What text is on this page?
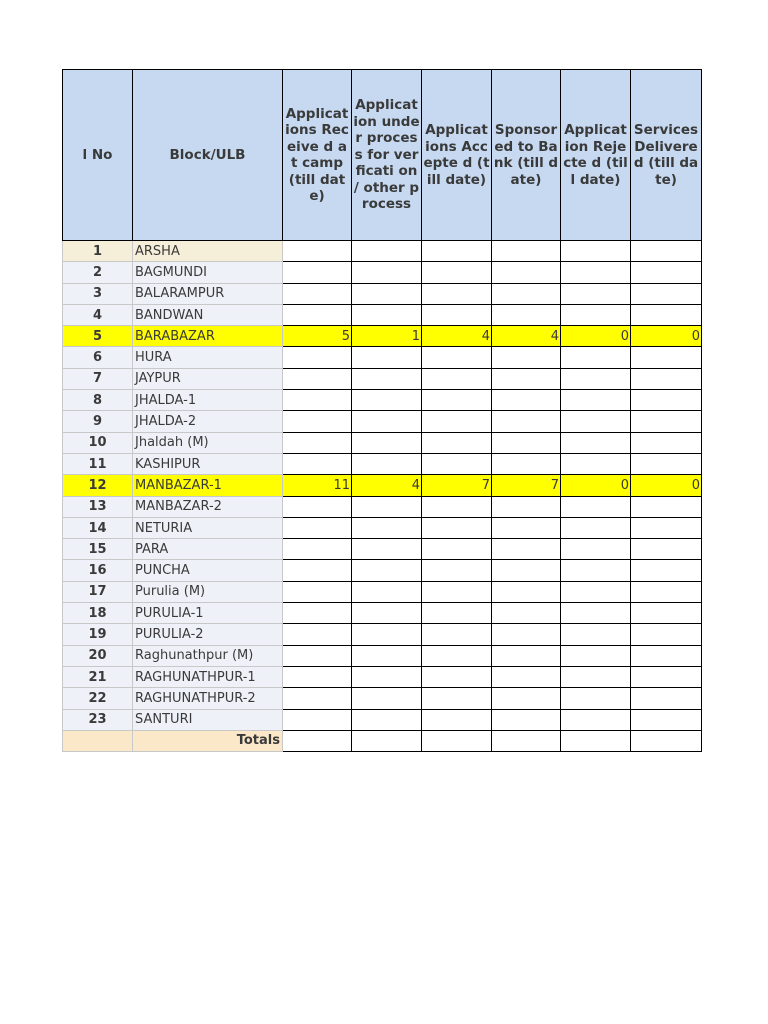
l No	Block/ULB	Applicat ions Receive d at camp (till date)	Applicat ion under process for verficati on / other process	Applicat ions Accepte d (till date)	Sponsor ed to Bank (till date)	Applicat ion Rejecte d (till date)	Services Delivere d (till date)

1	ARSHA						
2	BAGMUNDI						
3	BALARAMPUR						
4	BANDWAN						
5	BARABAZAR	5	1	4	4	0	0
6	HURA						
7	JAYPUR						
8	JHALDA-1						
9	JHALDA-2						
10	Jhaldah (M)						
11	KASHIPUR						
12	MANBAZAR-1	11	4	7	7	0	0
13	MANBAZAR-2						
14	NETURIA						
15	PARA						
16	PUNCHA						
17	Purulia (M)						
18	PURULIA-1						
19	PURULIA-2						
20	Raghunathpur (M)						
21	RAGHUNATHPUR-1						
22	RAGHUNATHPUR-2						
23	SANTURI						
	Totals						
